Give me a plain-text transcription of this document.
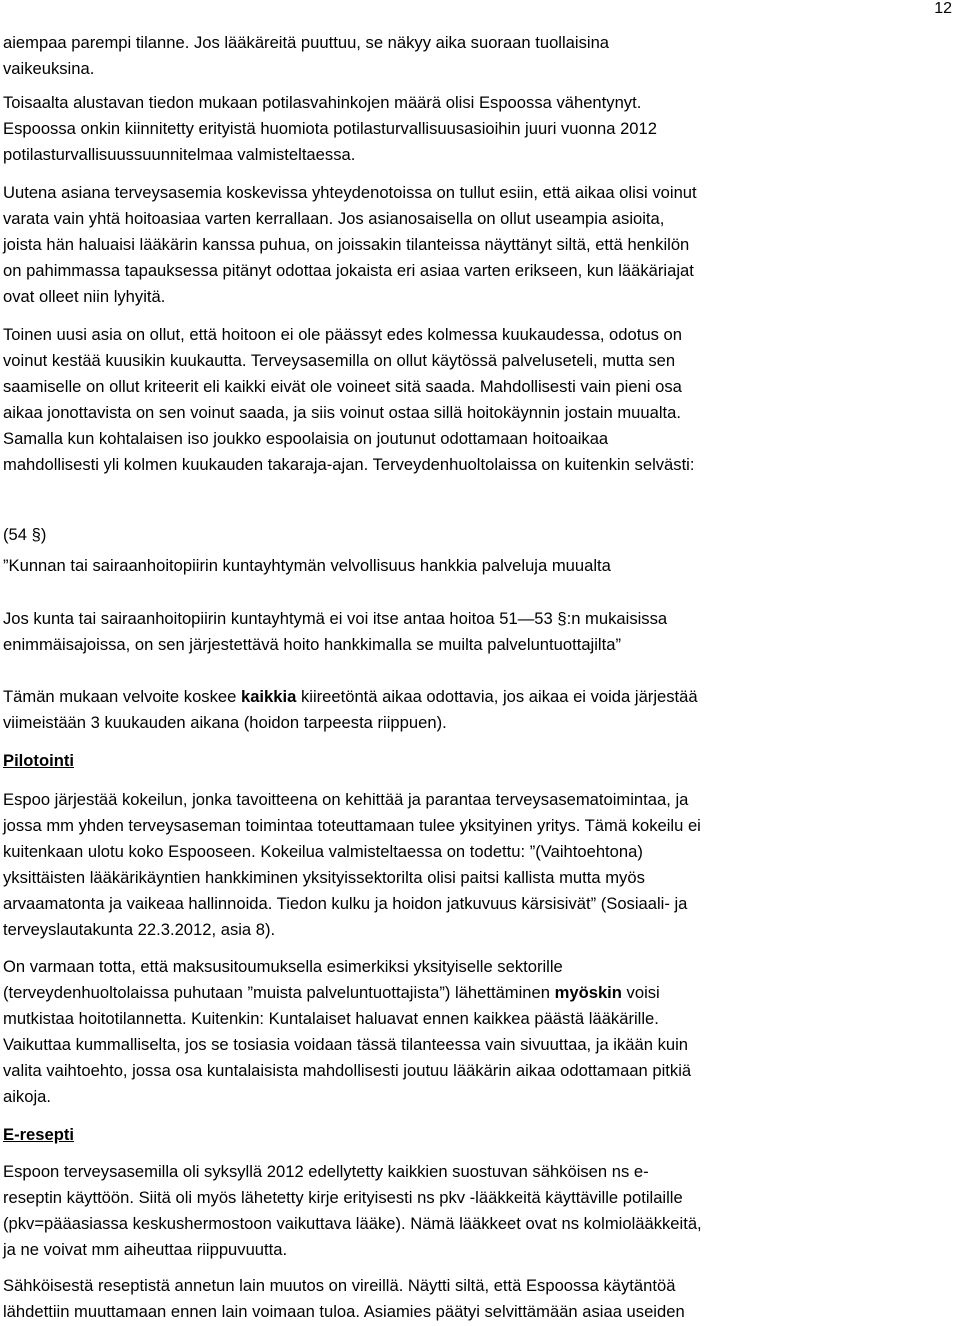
12
aiempaa parempi tilanne. Jos lääkäreitä puuttuu, se näkyy aika suoraan tuollaisina
vaikeuksina.
Toisaalta alustavan tiedon mukaan potilasvahinkojen määrä olisi Espoossa vähentynyt.
Espoossa onkin kiinnitetty erityistä huomiota potilasturvallisuusasioihin juuri vuonna 2012
potilasturvallisuussuunnitelmaa valmisteltaessa.
Uutena asiana terveysasemia koskevissa yhteydenotoissa on tullut esiin, että aikaa olisi voinut
varata vain yhtä hoitoasiaa varten kerrallaan. Jos asianosaisella on ollut useampia asioita,
joista hän haluaisi lääkärin kanssa puhua, on joissakin tilanteissa näyttänyt siltä, että henkilön
on pahimmassa tapauksessa pitänyt odottaa jokaista eri asiaa varten erikseen, kun lääkäriajat
ovat olleet niin lyhyitä.
Toinen uusi asia on ollut, että hoitoon ei ole päässyt edes kolmessa kuukaudessa, odotus on
voinut kestää kuusikin kuukautta. Terveysasemilla on ollut käytössä palveluseteli, mutta sen
saamiselle on ollut kriteerit eli kaikki eivät ole voineet sitä saada. Mahdollisesti vain pieni osa
aikaa jonottavista on sen voinut saada, ja siis voinut ostaa sillä hoitokäynnin jostain muualta.
Samalla kun kohtalaisen iso joukko espoolaisia on joutunut odottamaan hoitoaikaa
mahdollisesti yli kolmen kuukauden takaraja-ajan. Terveydenhuoltolaissa on kuitenkin selvästi:
(54 §)
”Kunnan tai sairaanhoitopiirin kuntayhtymän velvollisuus hankkia palveluja muualta
Jos kunta tai sairaanhoitopiirin kuntayhtymä ei voi itse antaa hoitoa 51—53 §:n mukaisissa
enimmäisajoissa, on sen järjestettävä hoito hankkimalla se muilta palveluntuottajilta”
Tämän mukaan velvoite koskee kaikkia kiireetöntä aikaa odottavia, jos aikaa ei voida järjestää
viimeistään 3 kuukauden aikana (hoidon tarpeesta riippuen).
Pilotointi
Espoo järjestää kokeilun, jonka tavoitteena on kehittää ja parantaa terveysasematoimintaa, ja
jossa mm yhden terveysaseman toimintaa toteuttamaan tulee yksityinen yritys. Tämä kokeilu ei
kuitenkaan ulotu koko Espooseen. Kokeilua valmisteltaessa on todettu: ”(Vaihtoehtona)
yksittäisten lääkärikäyntien hankkiminen yksityissektorilta olisi paitsi kallista mutta myös
arvaamatonta ja vaikeaa hallinnoida. Tiedon kulku ja hoidon jatkuvuus kärsisivät” (Sosiaali- ja
terveyslautakunta 22.3.2012, asia 8).
On varmaan totta, että maksusitoumuksella esimerkiksi yksityiselle sektorille
(terveydenhuoltolaissa puhutaan ”muista palveluntuottajista”) lähettäminen myöskin voisi
mutkistaa hoitotilannetta. Kuitenkin: Kuntalaiset haluavat ennen kaikkea päästä lääkärille.
Vaikuttaa kummalliselta, jos se tosiasia voidaan tässä tilanteessa vain sivuuttaa, ja ikään kuin
valita vaihtoehto, jossa osa kuntalaisista mahdollisesti joutuu lääkärin aikaa odottamaan pitkiä
aikoja.
E-resepti
Espoon terveysasemilla oli syksyllä 2012 edellytetty kaikkien suostuvan sähköisen ns e-
reseptin käyttöön. Siitä oli myös lähetetty kirje erityisesti ns pkv -lääkkeitä käyttäville potilaille
(pkv=pääasiassa keskushermostoon vaikuttava lääke). Nämä lääkkeet ovat ns kolmiolääkkeitä,
ja ne voivat mm aiheuttaa riippuvuutta.
Sähköisestä reseptistä annetun lain muutos on vireillä. Näytti siltä, että Espoossa käytäntöä
lähdettiin muuttamaan ennen lain voimaan tuloa. Asiamies päätyi selvittämään asiaa useiden
